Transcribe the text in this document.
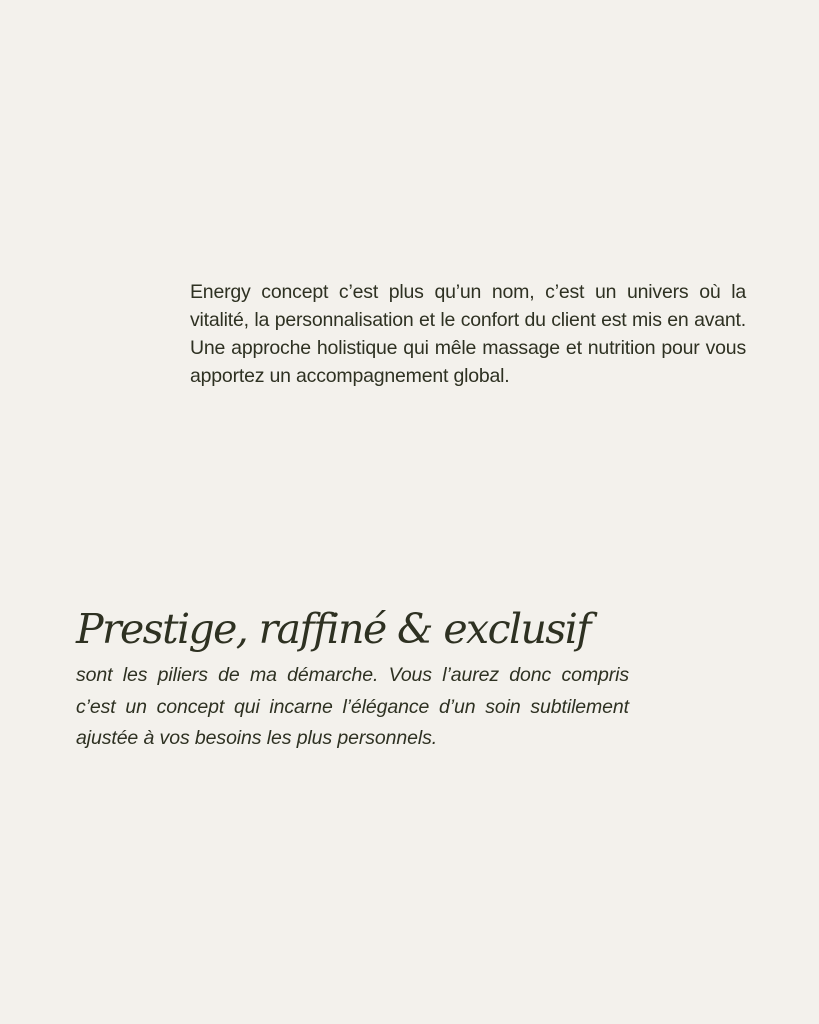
Energy concept c’est plus qu’un nom, c’est un univers où la vitalité, la personnalisation et le confort du client est mis en avant. Une approche holistique qui mêle massage et nutrition pour vous apportez un accompagnement global.

Prestige, raffiné & exclusif

sont les piliers de ma démarche. Vous l’aurez donc compris c’est un concept qui incarne l’élégance d’un soin subtilement ajustée à vos besoins les plus personnels.
